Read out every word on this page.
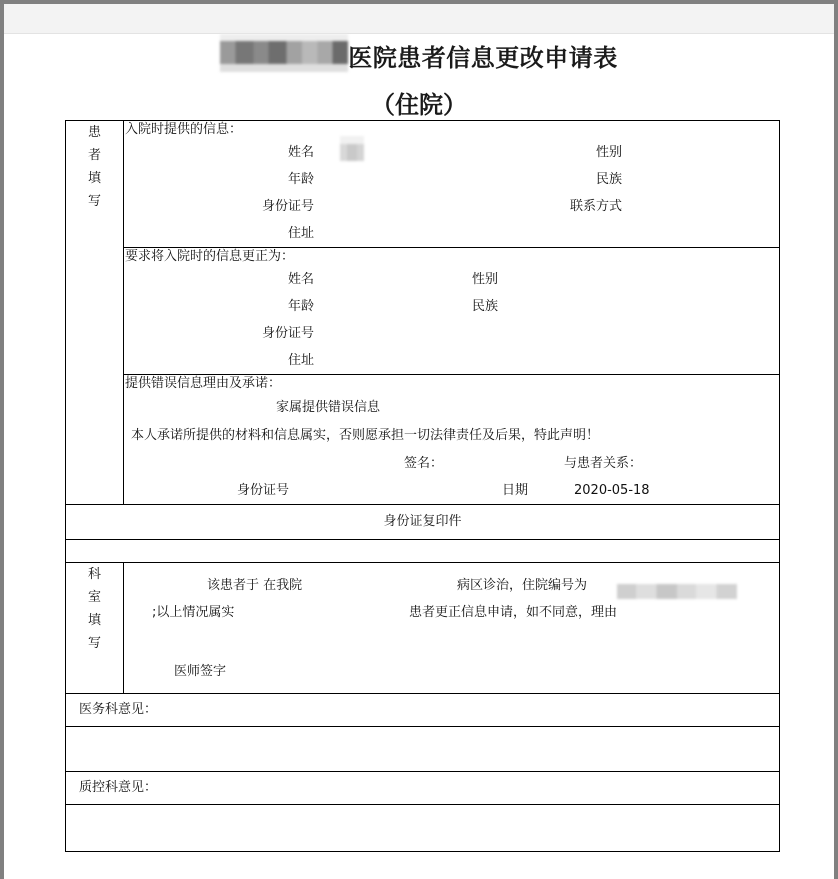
医院患者信息更改申请表
（住院）
患
者
填
写

入院时提供的信息：
姓名	性别
年龄	民族
身份证号	联系方式
住址

要求将入院时的信息更正为：
姓名	性别
年龄	民族
身份证号
住址

提供错误信息理由及承诺：
家属提供错误信息
本人承诺所提供的材料和信息属实，否则愿承担一切法律责任及后果，特此声明！
签名：	与患者关系：
身份证号	日期	2020-05-18

身份证复印件	

科
室
填
写

该患者于 在我院	病区诊治，住院编号为
;以上情况属实	患者更正信息申请，如不同意，理由
医师签字

医务科意见：	

质控科意见：	
